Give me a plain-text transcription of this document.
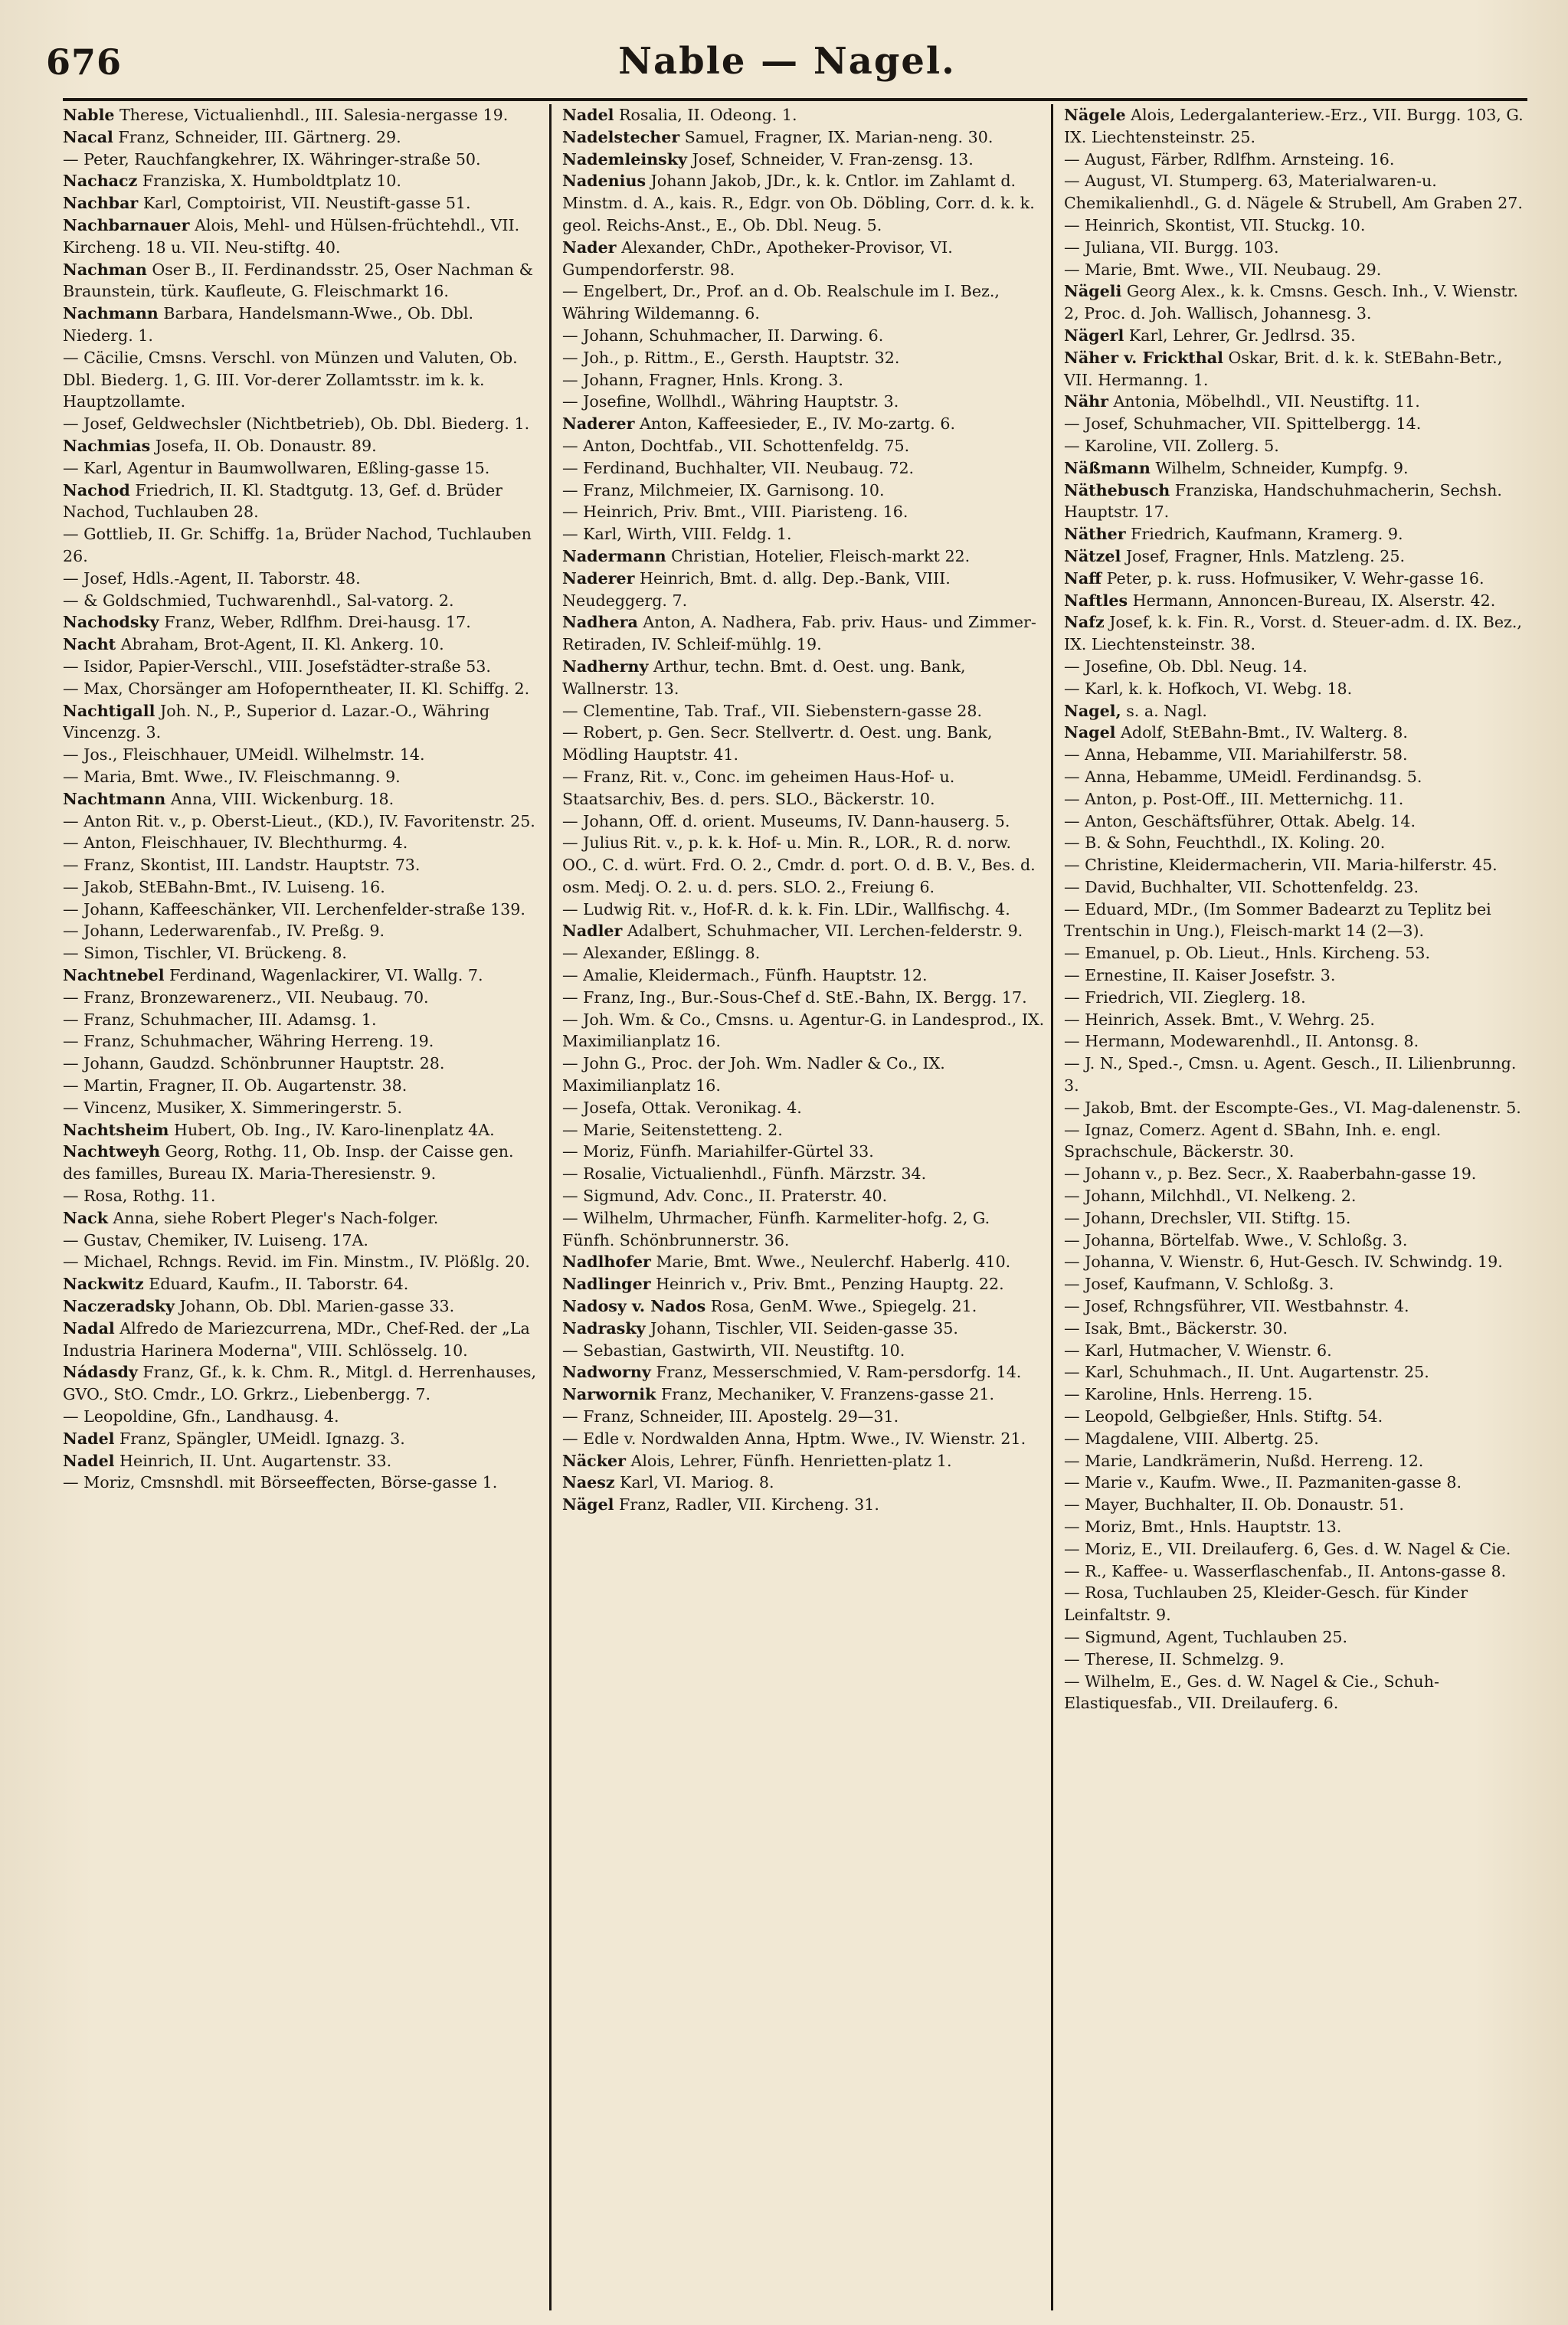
676	Nable — Nagel.
Nable Therese, Victualienhdl., III. Salesia-nergasse 19.
Nacal Franz, Schneider, III. Gärtnerg. 29.
— Peter, Rauchfangkehrer, IX. Währinger-straße 50.
Nachacz Franziska, X. Humboldtplatz 10.
Nachbar Karl, Comptoirist, VII. Neustift-gasse 51.
Nachbarnauer Alois, Mehl- und Hülsen-früchtehdl., VII. Kircheng. 18 u. VII. Neu-stiftg. 40.
Nachman Oser B., II. Ferdinandsstr. 25, Oser Nachman & Braunstein, türk. Kaufleute, G. Fleischmarkt 16.
Nachmann Barbara, Handelsmann-Wwe., Ob. Dbl. Niederg. 1.
— Cäcilie, Cmsns. Verschl. von Münzen und Valuten, Ob. Dbl. Biederg. 1, G. III. Vor-derer Zollamtsstr. im k. k. Hauptzollamte.
— Josef, Geldwechsler (Nichtbetrieb), Ob. Dbl. Biederg. 1.
Nachmias Josefa, II. Ob. Donaustr. 89.
— Karl, Agentur in Baumwollwaren, Eßling-gasse 15.
Nachod Friedrich, II. Kl. Stadtgutg. 13, Gef. d. Brüder Nachod, Tuchlauben 28.
— Gottlieb, II. Gr. Schiffg. 1a, Brüder Nachod, Tuchlauben 26.
— Josef, Hdls.-Agent, II. Taborstr. 48.
— & Goldschmied, Tuchwarenhdl., Sal-vatorg. 2.
Nachodsky Franz, Weber, Rdlfhm. Drei-hausg. 17.
Nacht Abraham, Brot-Agent, II. Kl. Ankerg. 10.
— Isidor, Papier-Verschl., VIII. Josefstädter-straße 53.
— Max, Chorsänger am Hofoperntheater, II. Kl. Schiffg. 2.
Nachtigall Joh. N., P., Superior d. Lazar.-O., Währing Vincenzg. 3.
— Jos., Fleischhauer, UMeidl. Wilhelmstr. 14.
— Maria, Bmt. Wwe., IV. Fleischmanng. 9.
Nachtmann Anna, VIII. Wickenburg. 18.
— Anton Rit. v., p. Oberst-Lieut., (KD.), IV. Favoritenstr. 25.
— Anton, Fleischhauer, IV. Blechthurmg. 4.
— Franz, Skontist, III. Landstr. Hauptstr. 73.
— Jakob, StEBahn-Bmt., IV. Luiseng. 16.
— Johann, Kaffeeschänker, VII. Lerchenfelder-straße 139.
— Johann, Lederwarenfab., IV. Preßg. 9.
— Simon, Tischler, VI. Brückeng. 8.
Nachtnebel Ferdinand, Wagenlackirer, VI. Wallg. 7.
— Franz, Bronzewarenerz., VII. Neubaug. 70.
— Franz, Schuhmacher, III. Adamsg. 1.
— Franz, Schuhmacher, Währing Herreng. 19.
— Johann, Gaudzd. Schönbrunner Hauptstr. 28.
— Martin, Fragner, II. Ob. Augartenstr. 38.
— Vincenz, Musiker, X. Simmeringerstr. 5.
Nachtsheim Hubert, Ob. Ing., IV. Karo-linenplatz 4A.
Nachtweyh Georg, Rothg. 11, Ob. Insp. der Caisse gen. des familles, Bureau IX. Maria-Theresienstr. 9.
— Rosa, Rothg. 11.
Nack Anna, siehe Robert Pleger's Nach-folger.
— Gustav, Chemiker, IV. Luiseng. 17A.
— Michael, Rchngs. Revid. im Fin. Minstm., IV. Plößlg. 20.
Nackwitz Eduard, Kaufm., II. Taborstr. 64.
Naczeradsky Johann, Ob. Dbl. Marien-gasse 33.
Nadal Alfredo de Mariezcurrena, MDr., Chef-Red. der „La Industria Harinera Moderna", VIII. Schlösselg. 10.
Nádasdy Franz, Gf., k. k. Chm. R., Mitgl. d. Herrenhauses, GVO., StO. Cmdr., LO. Grkrz., Liebenbergg. 7.
— Leopoldine, Gfn., Landhausg. 4.
Nadel Franz, Spängler, UMeidl. Ignazg. 3.
Nadel Heinrich, II. Unt. Augartenstr. 33.
— Moriz, Cmsnshdl. mit Börseeffecten, Börse-gasse 1.
Nadel Rosalia, II. Odeong. 1.
Nadelstecher Samuel, Fragner, IX. Marian-neng. 30.
Nademleinsky Josef, Schneider, V. Fran-zensg. 13.
Nadenius Johann Jakob, JDr., k. k. Cntlor. im Zahlamt d. Minstm. d. A., kais. R., Edgr. von Ob. Döbling, Corr. d. k. k. geol. Reichs-Anst., E., Ob. Dbl. Neug. 5.
Nader Alexander, ChDr., Apotheker-Provisor, VI. Gumpendorferstr. 98.
— Engelbert, Dr., Prof. an d. Ob. Realschule im I. Bez., Währing Wildemanng. 6.
— Johann, Schuhmacher, II. Darwing. 6.
— Joh., p. Rittm., E., Gersth. Hauptstr. 32.
— Johann, Fragner, Hnls. Krong. 3.
— Josefine, Wollhdl., Währing Hauptstr. 3.
Naderer Anton, Kaffeesieder, E., IV. Mo-zartg. 6.
— Anton, Dochtfab., VII. Schottenfeldg. 75.
— Ferdinand, Buchhalter, VII. Neubaug. 72.
— Franz, Milchmeier, IX. Garnisong. 10.
— Heinrich, Priv. Bmt., VIII. Piaristeng. 16.
— Karl, Wirth, VIII. Feldg. 1.
Nadermann Christian, Hotelier, Fleisch-markt 22.
Naderer Heinrich, Bmt. d. allg. Dep.-Bank, VIII. Neudeggerg. 7.
Nadhera Anton, A. Nadhera, Fab. priv. Haus- und Zimmer-Retiraden, IV. Schleif-mühlg. 19.
Nadherny Arthur, techn. Bmt. d. Oest. ung. Bank, Wallnerstr. 13.
— Clementine, Tab. Traf., VII. Siebenstern-gasse 28.
— Robert, p. Gen. Secr. Stellvertr. d. Oest. ung. Bank, Mödling Hauptstr. 41.
— Franz, Rit. v., Conc. im geheimen Haus-Hof- u. Staatsarchiv, Bes. d. pers. SLO., Bäckerstr. 10.
— Johann, Off. d. orient. Museums, IV. Dann-hauserg. 5.
— Julius Rit. v., p. k. k. Hof- u. Min. R., LOR., R. d. norw. OO., C. d. würt. Frd. O. 2., Cmdr. d. port. O. d. B. V., Bes. d. osm. Medj. O. 2. u. d. pers. SLO. 2., Freiung 6.
— Ludwig Rit. v., Hof-R. d. k. k. Fin. LDir., Wallfischg. 4.
Nadler Adalbert, Schuhmacher, VII. Lerchen-felderstr. 9.
— Alexander, Eßlingg. 8.
— Amalie, Kleidermach., Fünfh. Hauptstr. 12.
— Franz, Ing., Bur.-Sous-Chef d. StE.-Bahn, IX. Bergg. 17.
— Joh. Wm. & Co., Cmsns. u. Agentur-G. in Landesprod., IX. Maximilianplatz 16.
— John G., Proc. der Joh. Wm. Nadler & Co., IX. Maximilianplatz 16.
— Josefa, Ottak. Veronikag. 4.
— Marie, Seitenstetteng. 2.
— Moriz, Fünfh. Mariahilfer-Gürtel 33.
— Rosalie, Victualienhdl., Fünfh. Märzstr. 34.
— Sigmund, Adv. Conc., II. Praterstr. 40.
— Wilhelm, Uhrmacher, Fünfh. Karmeliter-hofg. 2, G. Fünfh. Schönbrunnerstr. 36.
Nadlhofer Marie, Bmt. Wwe., Neulerchf. Haberlg. 410.
Nadlinger Heinrich v., Priv. Bmt., Penzing Hauptg. 22.
Nadosy v. Nados Rosa, GenM. Wwe., Spiegelg. 21.
Nadrasky Johann, Tischler, VII. Seiden-gasse 35.
— Sebastian, Gastwirth, VII. Neustiftg. 10.
Nadworny Franz, Messerschmied, V. Ram-persdorfg. 14.
Narwornik Franz, Mechaniker, V. Franzens-gasse 21.
— Franz, Schneider, III. Apostelg. 29—31.
— Edle v. Nordwalden Anna, Hptm. Wwe., IV. Wienstr. 21.
Näcker Alois, Lehrer, Fünfh. Henrietten-platz 1.
Naesz Karl, VI. Mariog. 8.
Nägel Franz, Radler, VII. Kircheng. 31.
Nägele Alois, Ledergalanteriew.-Erz., VII. Burgg. 103, G. IX. Liechtensteinstr. 25.
— August, Färber, Rdlfhm. Arnsteing. 16.
— August, VI. Stumperg. 63, Materialwaren-u. Chemikalienhdl., G. d. Nägele & Strubell, Am Graben 27.
— Heinrich, Skontist, VII. Stuckg. 10.
— Juliana, VII. Burgg. 103.
— Marie, Bmt. Wwe., VII. Neubaug. 29.
Nägeli Georg Alex., k. k. Cmsns. Gesch. Inh., V. Wienstr. 2, Proc. d. Joh. Wallisch, Johannesg. 3.
Nägerl Karl, Lehrer, Gr. Jedlrsd. 35.
Näher v. Frickthal Oskar, Brit. d. k. k. StEBahn-Betr., VII. Hermanng. 1.
Nähr Antonia, Möbelhdl., VII. Neustiftg. 11.
— Josef, Schuhmacher, VII. Spittelbergg. 14.
— Karoline, VII. Zollerg. 5.
Näßmann Wilhelm, Schneider, Kumpfg. 9.
Näthebusch Franziska, Handschuhmacherin, Sechsh. Hauptstr. 17.
Näther Friedrich, Kaufmann, Kramerg. 9.
Nätzel Josef, Fragner, Hnls. Matzleng. 25.
Naff Peter, p. k. russ. Hofmusiker, V. Wehr-gasse 16.
Naftles Hermann, Annoncen-Bureau, IX. Alserstr. 42.
Nafz Josef, k. k. Fin. R., Vorst. d. Steuer-adm. d. IX. Bez., IX. Liechtensteinstr. 38.
— Josefine, Ob. Dbl. Neug. 14.
— Karl, k. k. Hofkoch, VI. Webg. 18.
Nagel, s. a. Nagl.
Nagel Adolf, StEBahn-Bmt., IV. Walterg. 8.
— Anna, Hebamme, VII. Mariahilferstr. 58.
— Anna, Hebamme, UMeidl. Ferdinandsg. 5.
— Anton, p. Post-Off., III. Metternichg. 11.
— Anton, Geschäftsführer, Ottak. Abelg. 14.
— B. & Sohn, Feuchthdl., IX. Koling. 20.
— Christine, Kleidermacherin, VII. Maria-hilferstr. 45.
— David, Buchhalter, VII. Schottenfeldg. 23.
— Eduard, MDr., (Im Sommer Badearzt zu Teplitz bei Trentschin in Ung.), Fleisch-markt 14 (2—3).
— Emanuel, p. Ob. Lieut., Hnls. Kircheng. 53.
— Ernestine, II. Kaiser Josefstr. 3.
— Friedrich, VII. Zieglerg. 18.
— Heinrich, Assek. Bmt., V. Wehrg. 25.
— Hermann, Modewarenhdl., II. Antonsg. 8.
— J. N., Sped.-, Cmsn. u. Agent. Gesch., II. Lilienbrunng. 3.
— Jakob, Bmt. der Escompte-Ges., VI. Mag-dalenenstr. 5.
— Ignaz, Comerz. Agent d. SBahn, Inh. e. engl. Sprachschule, Bäckerstr. 30.
— Johann v., p. Bez. Secr., X. Raaberbahn-gasse 19.
— Johann, Milchhdl., VI. Nelkeng. 2.
— Johann, Drechsler, VII. Stiftg. 15.
— Johanna, Börtelfab. Wwe., V. Schloßg. 3.
— Johanna, V. Wienstr. 6, Hut-Gesch. IV. Schwindg. 19.
— Josef, Kaufmann, V. Schloßg. 3.
— Josef, Rchngsführer, VII. Westbahnstr. 4.
— Isak, Bmt., Bäckerstr. 30.
— Karl, Hutmacher, V. Wienstr. 6.
— Karl, Schuhmach., II. Unt. Augartenstr. 25.
— Karoline, Hnls. Herreng. 15.
— Leopold, Gelbgießer, Hnls. Stiftg. 54.
— Magdalene, VIII. Albertg. 25.
— Marie, Landkrämerin, Nußd. Herreng. 12.
— Marie v., Kaufm. Wwe., II. Pazmaniten-gasse 8.
— Mayer, Buchhalter, II. Ob. Donaustr. 51.
— Moriz, Bmt., Hnls. Hauptstr. 13.
— Moriz, E., VII. Dreilauferg. 6, Ges. d. W. Nagel & Cie.
— R., Kaffee- u. Wasserflaschenfab., II. Antons-gasse 8.
— Rosa, Tuchlauben 25, Kleider-Gesch. für Kinder Leinfaltstr. 9.
— Sigmund, Agent, Tuchlauben 25.
— Therese, II. Schmelzg. 9.
— Wilhelm, E., Ges. d. W. Nagel & Cie., Schuh-Elastiquesfab., VII. Dreilauferg. 6.
